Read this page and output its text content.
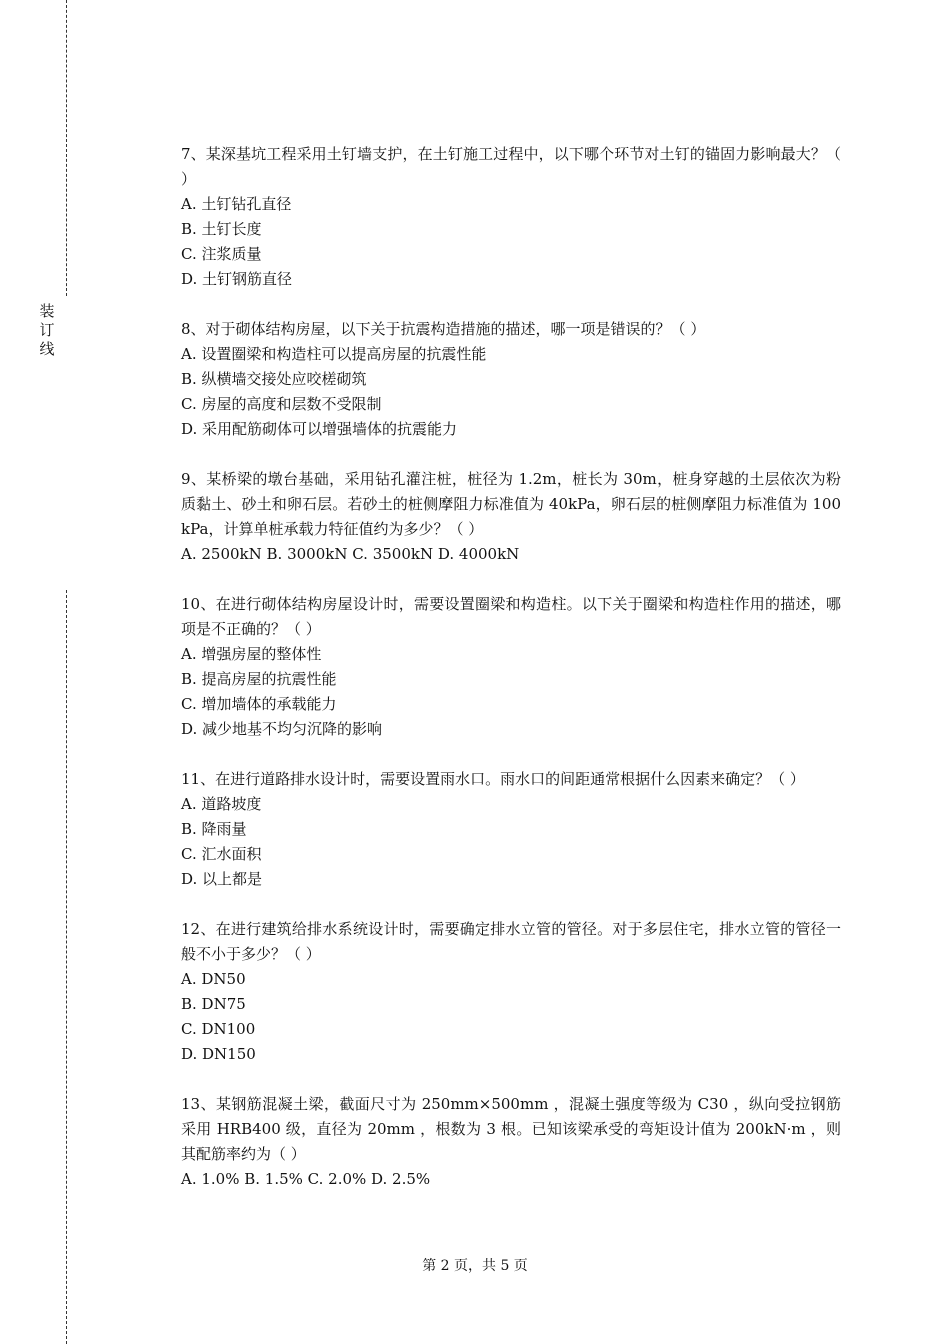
装
订
线

7、某深基坑工程采用土钉墙支护，在土钉施工过程中，以下哪个环节对土钉的锚固力影响最大？（ ）

A. 土钉钻孔直径

B. 土钉长度

C. 注浆质量

D. 土钉钢筋直径

8、对于砌体结构房屋，以下关于抗震构造措施的描述，哪一项是错误的？（ ）

A. 设置圈梁和构造柱可以提高房屋的抗震性能

B. 纵横墙交接处应咬槎砌筑

C. 房屋的高度和层数不受限制

D. 采用配筋砌体可以增强墙体的抗震能力

9、某桥梁的墩台基础，采用钻孔灌注桩，桩径为 1.2m，桩长为 30m，桩身穿越的土层依次为粉质黏土、砂土和卵石层。若砂土的桩侧摩阻力标准值为 40kPa，卵石层的桩侧摩阻力标准值为 100kPa，计算单桩承载力特征值约为多少？（ ）

A. 2500kN B. 3000kN C. 3500kN D. 4000kN

10、在进行砌体结构房屋设计时，需要设置圈梁和构造柱。以下关于圈梁和构造柱作用的描述，哪项是不正确的？（ ）

A. 增强房屋的整体性

B. 提高房屋的抗震性能

C. 增加墙体的承载能力

D. 减少地基不均匀沉降的影响

11、在进行道路排水设计时，需要设置雨水口。雨水口的间距通常根据什么因素来确定？（ ）

A. 道路坡度

B. 降雨量

C. 汇水面积

D. 以上都是

12、在进行建筑给排水系统设计时，需要确定排水立管的管径。对于多层住宅，排水立管的管径一般不小于多少？（ ）

A. DN50

B. DN75

C. DN100

D. DN150

13、某钢筋混凝土梁，截面尺寸为 250mm×500mm ，混凝土强度等级为 C30 ，纵向受拉钢筋采用 HRB400 级，直径为 20mm ，根数为 3 根。已知该梁承受的弯矩设计值为 200kN·m ，则其配筋率约为（ ）

A. 1.0% B. 1.5% C. 2.0% D. 2.5%

第 2 页，共 5 页
